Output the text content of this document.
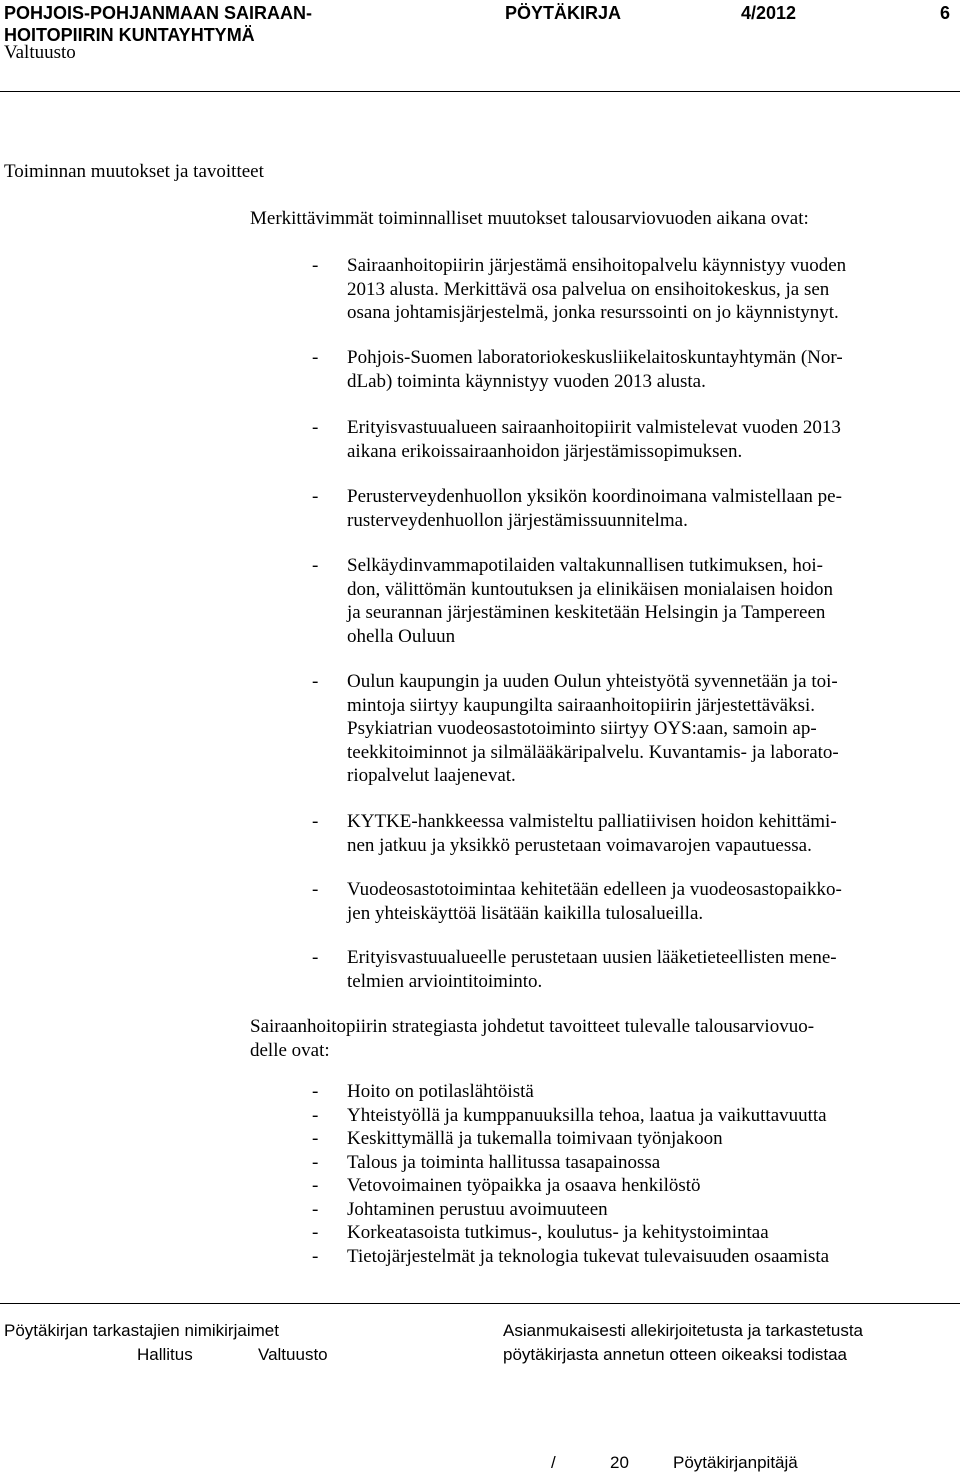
POHJOIS-POHJANMAAN SAIRAAN-
HOITOPIIRIN KUNTAYHTYMÄ
PÖYTÄKIRJA	4/2012	6
Valtuusto
Toiminnan muutokset ja tavoitteet
Merkittävimmät toiminnalliset muutokset talousarviovuoden aikana ovat:
- Sairaanhoitopiirin järjestämä ensihoitopalvelu käynnistyy vuoden
2013 alusta. Merkittävä osa palvelua on ensihoitokeskus, ja sen
osana johtamisjärjestelmä, jonka resurssointi on jo käynnistynyt.
- Pohjois-Suomen laboratoriokeskusliikelaitoskuntayhtymän (Nor-
dLab) toiminta käynnistyy vuoden 2013 alusta.
- Erityisvastuualueen sairaanhoitopiirit valmistelevat vuoden 2013
aikana erikoissairaanhoidon järjestämissopimuksen.
- Perusterveydenhuollon yksikön koordinoimana valmistellaan pe-
rusterveydenhuollon järjestämissuunnitelma.
- Selkäydinvammapotilaiden valtakunnallisen tutkimuksen, hoi-
don, välittömän kuntoutuksen ja elinikäisen monialaisen hoidon
ja seurannan järjestäminen keskitetään Helsingin ja Tampereen
ohella Ouluun
- Oulun kaupungin ja uuden Oulun yhteistyötä syvennetään ja toi-
mintoja siirtyy kaupungilta sairaanhoitopiirin järjestettäväksi.
Psykiatrian vuodeosastotoiminto siirtyy OYS:aan, samoin ap-
teekkitoiminnot ja silmälääkäripalvelu. Kuvantamis- ja laborato-
riopalvelut laajenevat.
- KYTKE-hankkeessa valmisteltu palliatiivisen hoidon kehittämi-
nen jatkuu ja yksikkö perustetaan voimavarojen vapautuessa.
- Vuodeosastotoimintaa kehitetään edelleen ja vuodeosastopaikko-
jen yhteiskäyttöä lisätään kaikilla tulosalueilla.
- Erityisvastuualueelle perustetaan uusien lääketieteellisten mene-
telmien arviointitoiminto.
Sairaanhoitopiirin strategiasta johdetut tavoitteet tulevalle talousarviovuo-
delle ovat:
- Hoito on potilaslähtöistä
- Yhteistyöllä ja kumppanuuksilla tehoa, laatua ja vaikuttavuutta
- Keskittymällä ja tukemalla toimivaan työnjakoon
- Talous ja toiminta hallitussa tasapainossa
- Vetovoimainen työpaikka ja osaava henkilöstö
- Johtaminen perustuu avoimuuteen
- Korkeatasoista tutkimus-, koulutus- ja kehitystoimintaa
- Tietojärjestelmät ja teknologia tukevat tulevaisuuden osaamista
Pöytäkirjan tarkastajien nimikirjaimet
Hallitus	Valtuusto
Asianmukaisesti allekirjoitetusta ja tarkastetusta
pöytäkirjasta annetun otteen oikeaksi todistaa
/	20	Pöytäkirjanpitäjä
